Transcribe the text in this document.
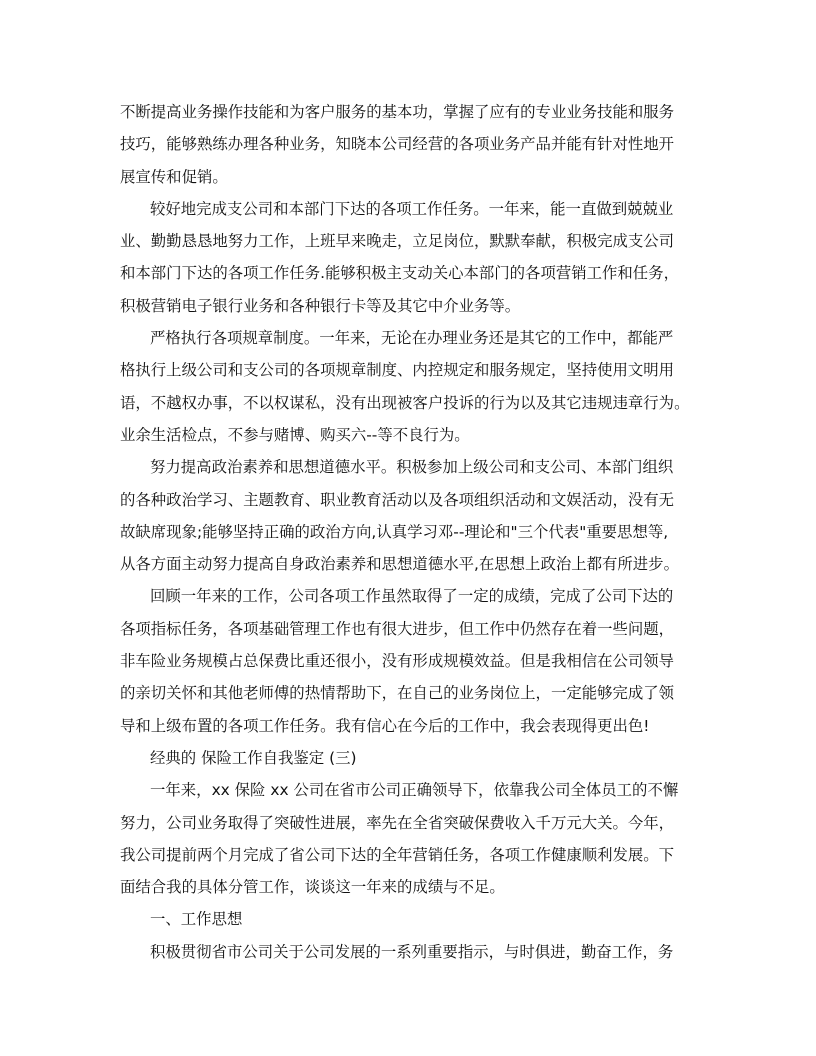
不断提高业务操作技能和为客户服务的基本功，掌握了应有的专业业务技能和服务
技巧，能够熟练办理各种业务，知晓本公司经营的各项业务产品并能有针对性地开
展宣传和促销。
较好地完成支公司和本部门下达的各项工作任务。一年来，能一直做到兢兢业
业、勤勤恳恳地努力工作，上班早来晚走，立足岗位，默默奉献，积极完成支公司
和本部门下达的各项工作任务.能够积极主支动关心本部门的各项营销工作和任务，
积极营销电子银行业务和各种银行卡等及其它中介业务等。
严格执行各项规章制度。一年来，无论在办理业务还是其它的工作中，都能严
格执行上级公司和支公司的各项规章制度、内控规定和服务规定，坚持使用文明用
语，不越权办事，不以权谋私，没有出现被客户投诉的行为以及其它违规违章行为。
业余生活检点，不参与赌博、购买六--等不良行为。
努力提高政治素养和思想道德水平。积极参加上级公司和支公司、本部门组织
的各种政治学习、主题教育、职业教育活动以及各项组织活动和文娱活动，没有无
故缺席现象;能够坚持正确的政治方向,认真学习邓--理论和"三个代表"重要思想等,
从各方面主动努力提高自身政治素养和思想道德水平,在思想上政治上都有所进步。
回顾一年来的工作，公司各项工作虽然取得了一定的成绩，完成了公司下达的
各项指标任务，各项基础管理工作也有很大进步，但工作中仍然存在着一些问题，
非车险业务规模占总保费比重还很小，没有形成规模效益。但是我相信在公司领导
的亲切关怀和其他老师傅的热情帮助下，在自己的业务岗位上，一定能够完成了领
导和上级布置的各项工作任务。我有信心在今后的工作中，我会表现得更出色!
经典的 保险工作自我鉴定 (三)
一年来，xx 保险 xx 公司在省市公司正确领导下，依靠我公司全体员工的不懈
努力，公司业务取得了突破性进展，率先在全省突破保费收入千万元大关。今年，
我公司提前两个月完成了省公司下达的全年营销任务，各项工作健康顺利发展。下
面结合我的具体分管工作，谈谈这一年来的成绩与不足。
一、工作思想
积极贯彻省市公司关于公司发展的一系列重要指示，与时俱进，勤奋工作，务
